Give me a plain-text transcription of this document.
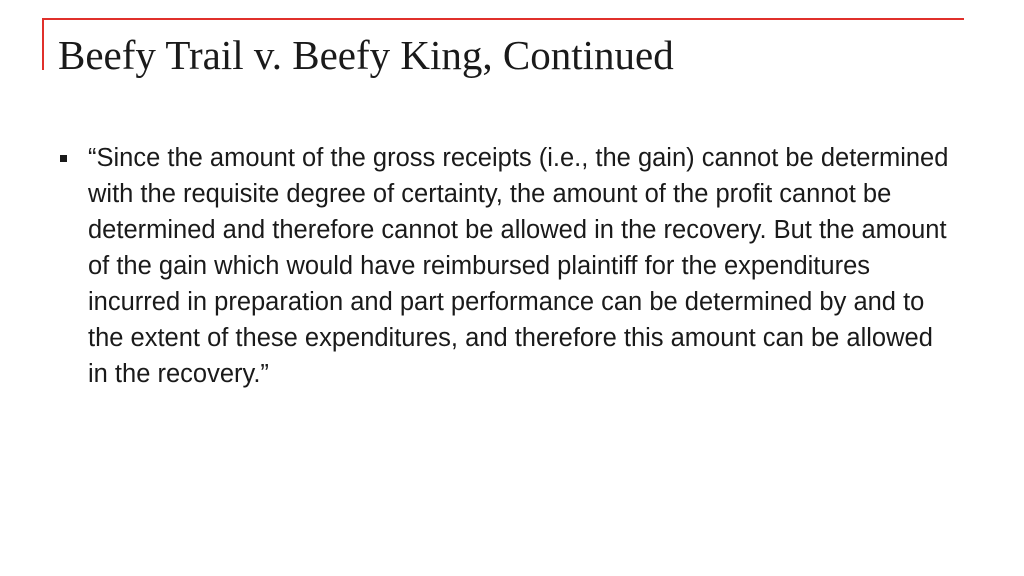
Beefy Trail v. Beefy King, Continued
“Since the amount of the gross receipts (i.e., the gain) cannot be determined with the requisite degree of certainty, the amount of the profit cannot be determined and therefore cannot be allowed in the recovery. But the amount of the gain which would have reimbursed plaintiff for the expenditures incurred in preparation and part performance can be determined by and to the extent of these expenditures, and therefore this amount can be allowed in the recovery.”
